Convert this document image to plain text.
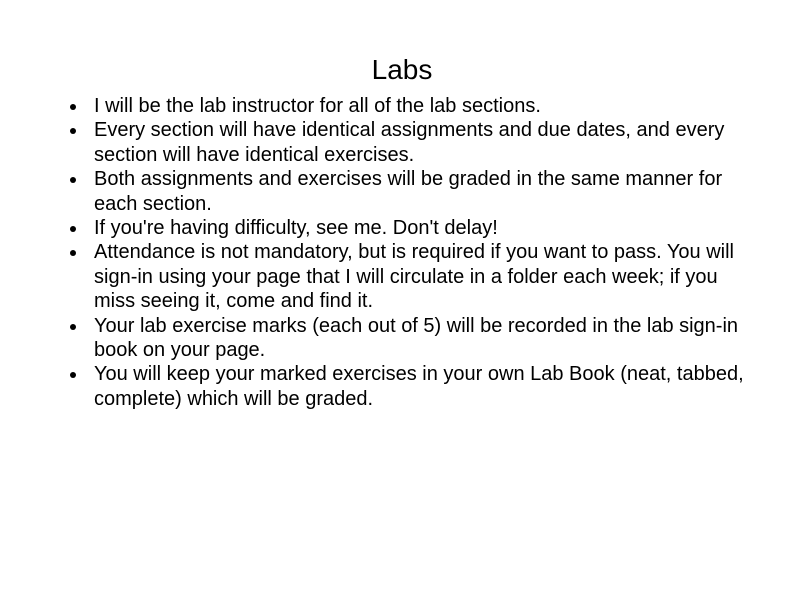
Labs
I will be the lab instructor for all of the lab sections.
Every section will have identical assignments and due dates, and every section will have identical exercises.
Both assignments and exercises will be graded in the same manner for each section.
If you're having difficulty, see me. Don't delay!
Attendance is not mandatory, but is required if you want to pass. You will sign-in using your page that I will circulate in a folder each week; if you miss seeing it, come and find it.
Your lab exercise marks (each out of 5) will be recorded in the lab sign-in book on your page.
You will keep your marked exercises in your own Lab Book (neat, tabbed, complete) which will be graded.
